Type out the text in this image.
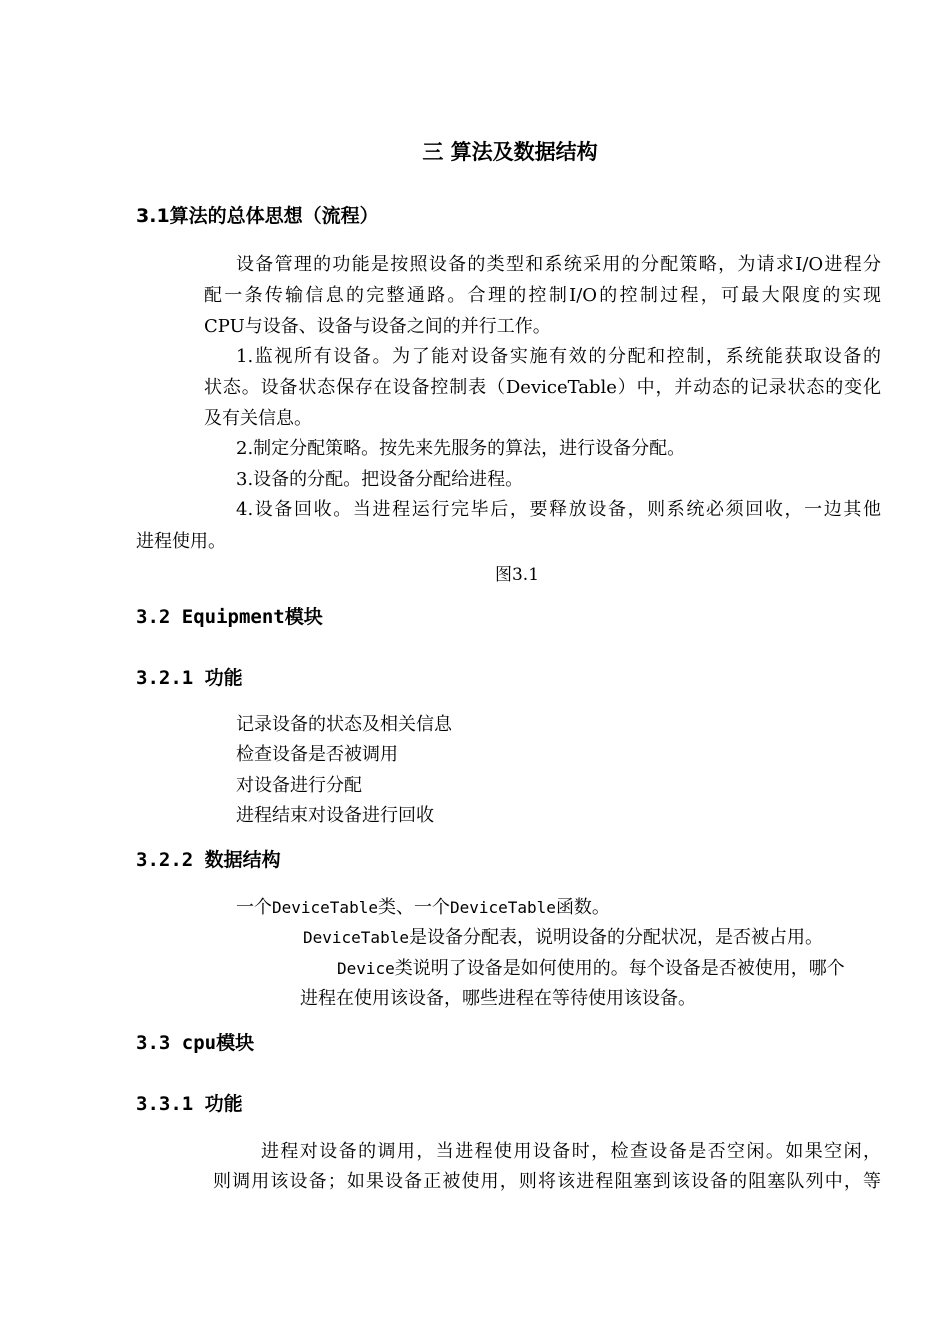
三 算法及数据结构
3.1算法的总体思想（流程）
设备管理的功能是按照设备的类型和系统采用的分配策略，为请求I/O进程分
配一条传输信息的完整通路。合理的控制I/O的控制过程，可最大限度的实现
CPU与设备、设备与设备之间的并行工作。
1.监视所有设备。为了能对设备实施有效的分配和控制，系统能获取设备的
状态。设备状态保存在设备控制表（DeviceTable）中，并动态的记录状态的变化
及有关信息。
2.制定分配策略。按先来先服务的算法，进行设备分配。
3.设备的分配。把设备分配给进程。
4.设备回收。当进程运行完毕后，要释放设备，则系统必须回收，一边其他
进程使用。
图3.1
3.2 Equipment模块
3.2.1 功能
记录设备的状态及相关信息
检查设备是否被调用
对设备进行分配
进程结束对设备进行回收
3.2.2 数据结构
一个DeviceTable类、一个DeviceTable函数。
DeviceTable是设备分配表，说明设备的分配状况，是否被占用。
Device类说明了设备是如何使用的。每个设备是否被使用，哪个
进程在使用该设备，哪些进程在等待使用该设备。
3.3 cpu模块
3.3.1 功能
进程对设备的调用，当进程使用设备时，检查设备是否空闲。如果空闲，
则调用该设备；如果设备正被使用，则将该进程阻塞到该设备的阻塞队列中，等
